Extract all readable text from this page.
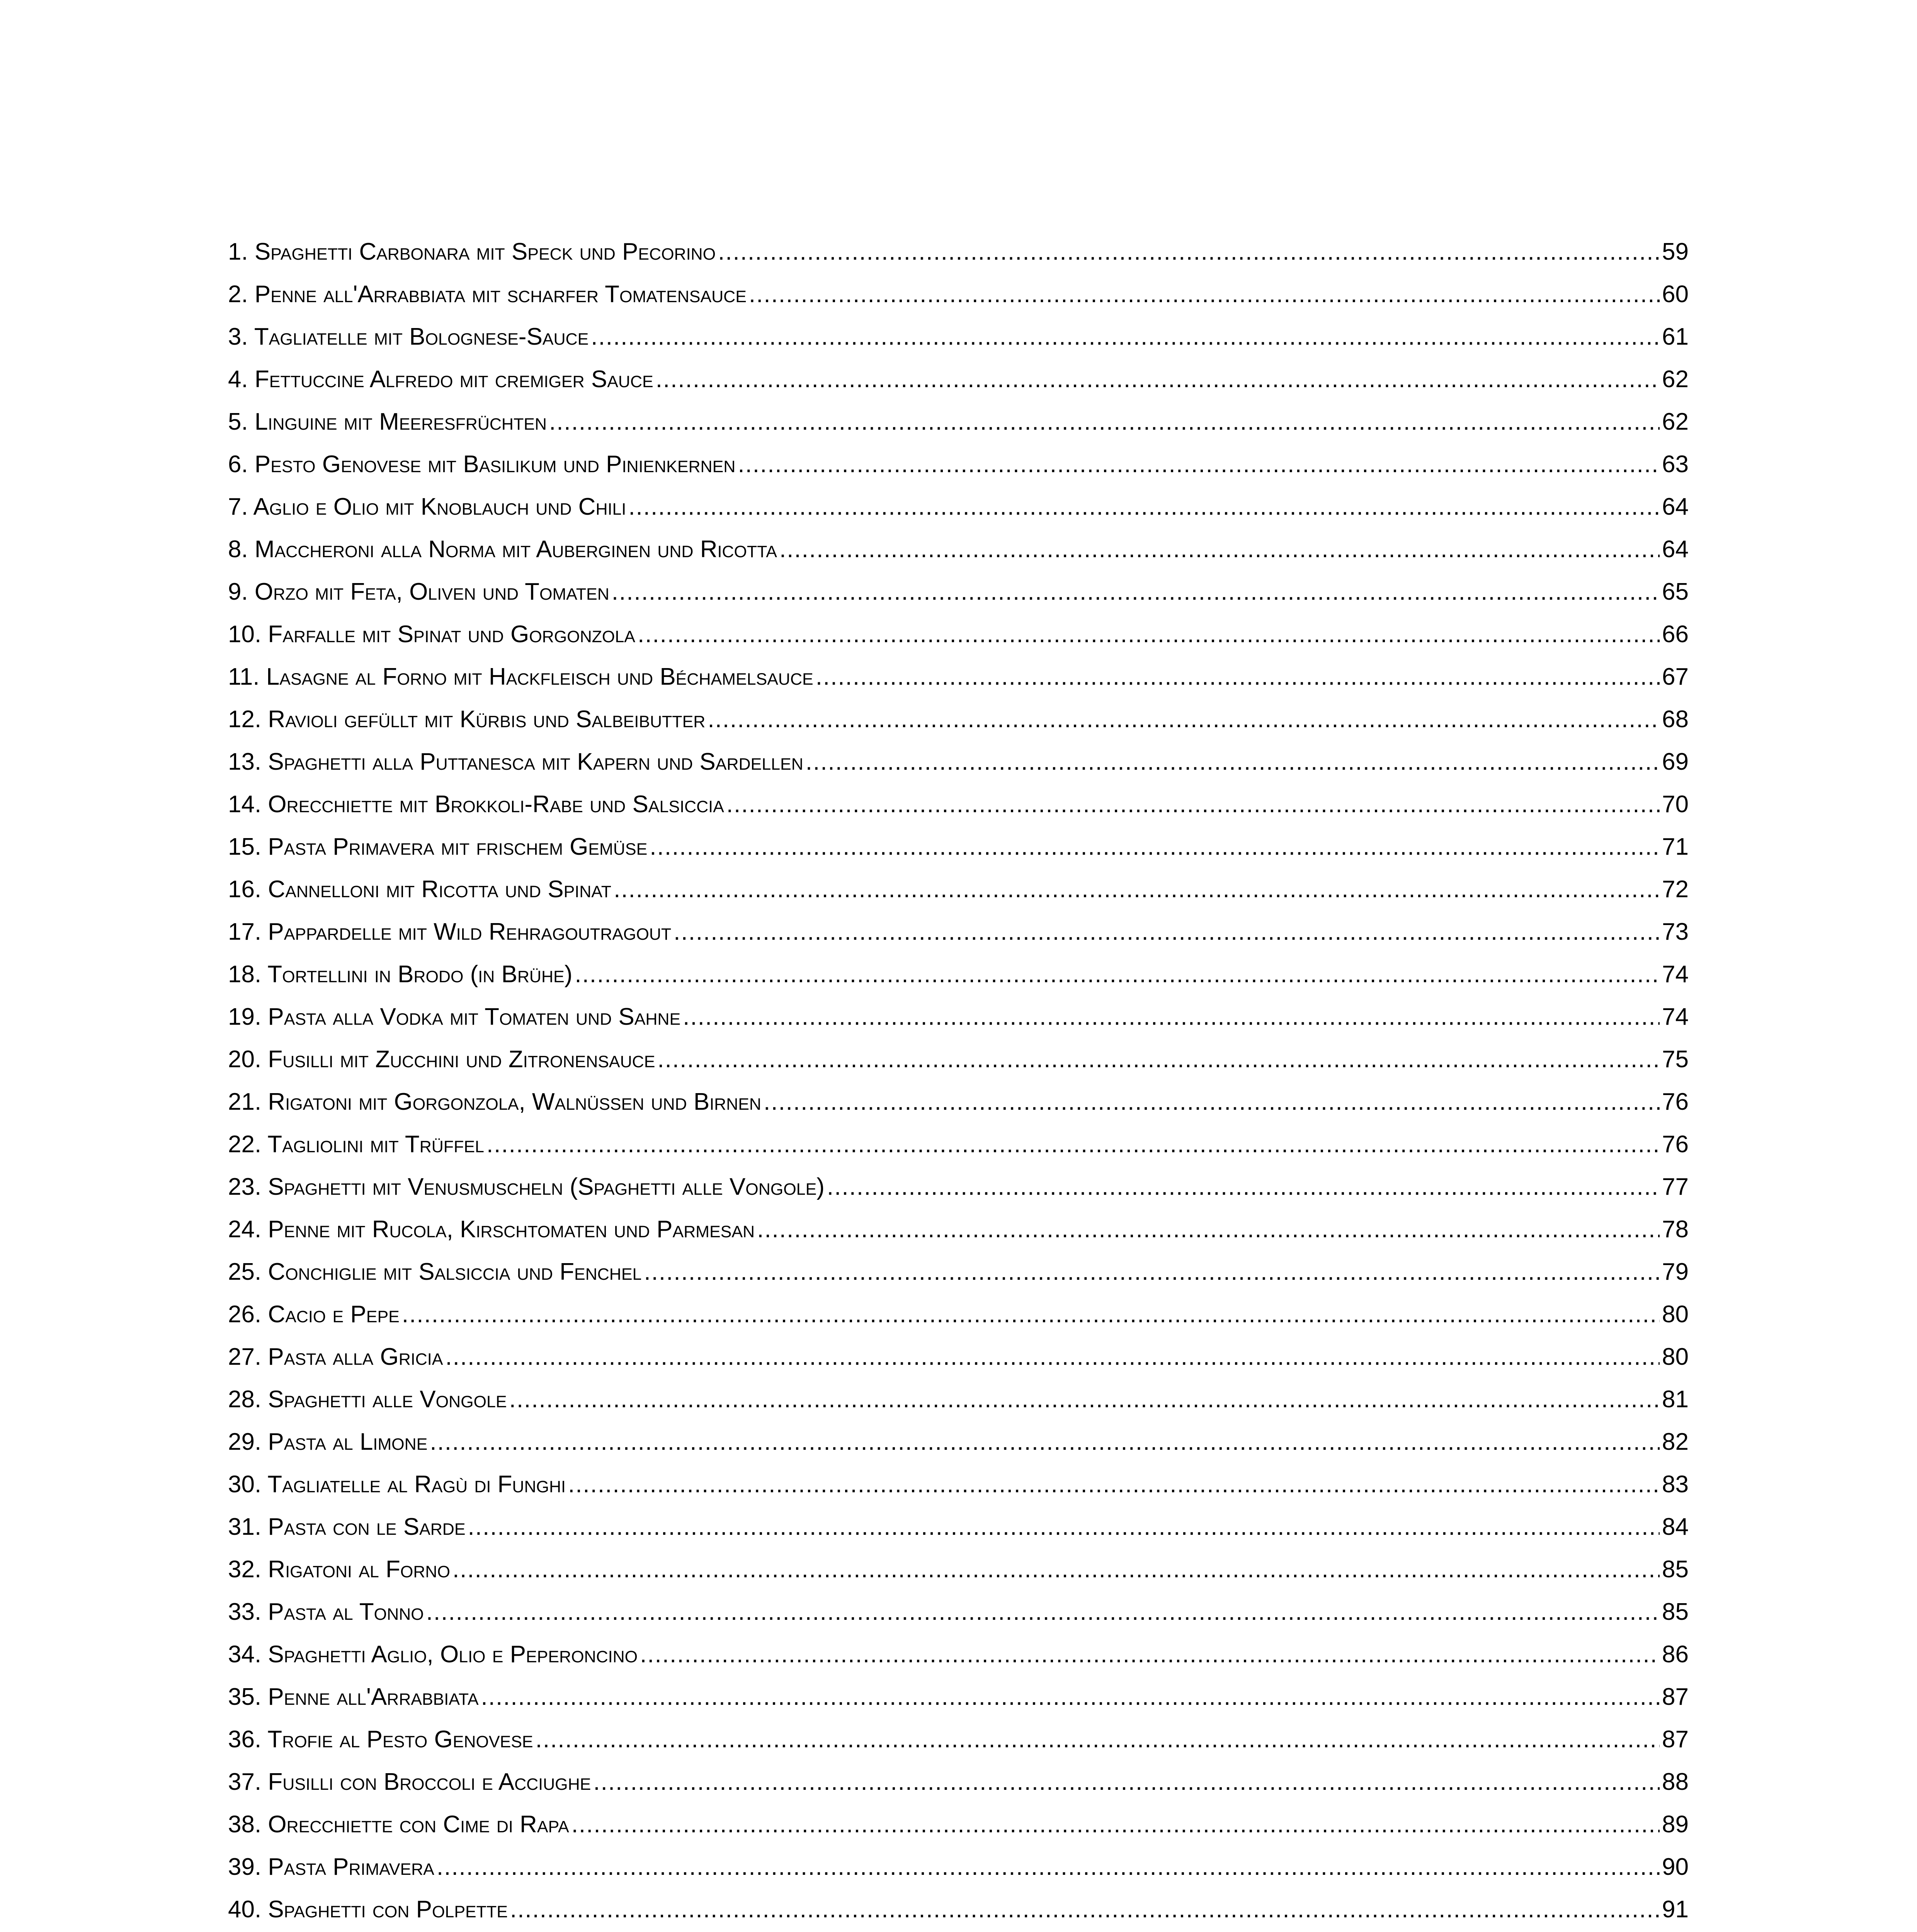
1. Spaghetti Carbonara mit Speck und Pecorino .....	59
2. Penne all'Arrabbiata mit scharfer Tomatensauce .....	60
3. Tagliatelle mit Bolognese-Sauce .....	61
4. Fettuccine Alfredo mit cremiger Sauce .....	62
5. Linguine mit Meeresfrüchten .....	62
6. Pesto Genovese mit Basilikum und Pinienkernen .....	63
7. Aglio e Olio mit Knoblauch und Chili .....	64
8. Maccheroni alla Norma mit Auberginen und Ricotta .....	64
9. Orzo mit Feta, Oliven und Tomaten .....	65
10. Farfalle mit Spinat und Gorgonzola .....	66
11. Lasagne al Forno mit Hackfleisch und Béchamelsauce .....	67
12. Ravioli gefüllt mit Kürbis und Salbeibutter .....	68
13. Spaghetti alla Puttanesca mit Kapern und Sardellen .....	69
14. Orecchiette mit Brokkoli-Rabe und Salsiccia .....	70
15. Pasta Primavera mit frischem Gemüse .....	71
16. Cannelloni mit Ricotta und Spinat .....	72
17. Pappardelle mit Wild Rehragoutragout .....	73
18. Tortellini in Brodo (in Brühe) .....	74
19. Pasta alla Vodka mit Tomaten und Sahne .....	74
20. Fusilli mit Zucchini und Zitronensauce .....	75
21. Rigatoni mit Gorgonzola, Walnüssen und Birnen .....	76
22. Tagliolini mit Trüffel .....	76
23. Spaghetti mit Venusmuscheln (Spaghetti alle Vongole) .....	77
24. Penne mit Rucola, Kirschtomaten und Parmesan .....	78
25. Conchiglie mit Salsiccia und Fenchel .....	79
26. Cacio e Pepe .....	80
27. Pasta alla Gricia .....	80
28. Spaghetti alle Vongole .....	81
29. Pasta al Limone .....	82
30. Tagliatelle al Ragù di Funghi .....	83
31. Pasta con le Sarde .....	84
32. Rigatoni al Forno .....	85
33. Pasta al Tonno .....	85
34. Spaghetti Aglio, Olio e Peperoncino .....	86
35. Penne all'Arrabbiata .....	87
36. Trofie al Pesto Genovese .....	87
37. Fusilli con Broccoli e Acciughe .....	88
38. Orecchiette con Cime di Rapa .....	89
39. Pasta Primavera .....	90
40. Spaghetti con Polpette .....	91
.....
